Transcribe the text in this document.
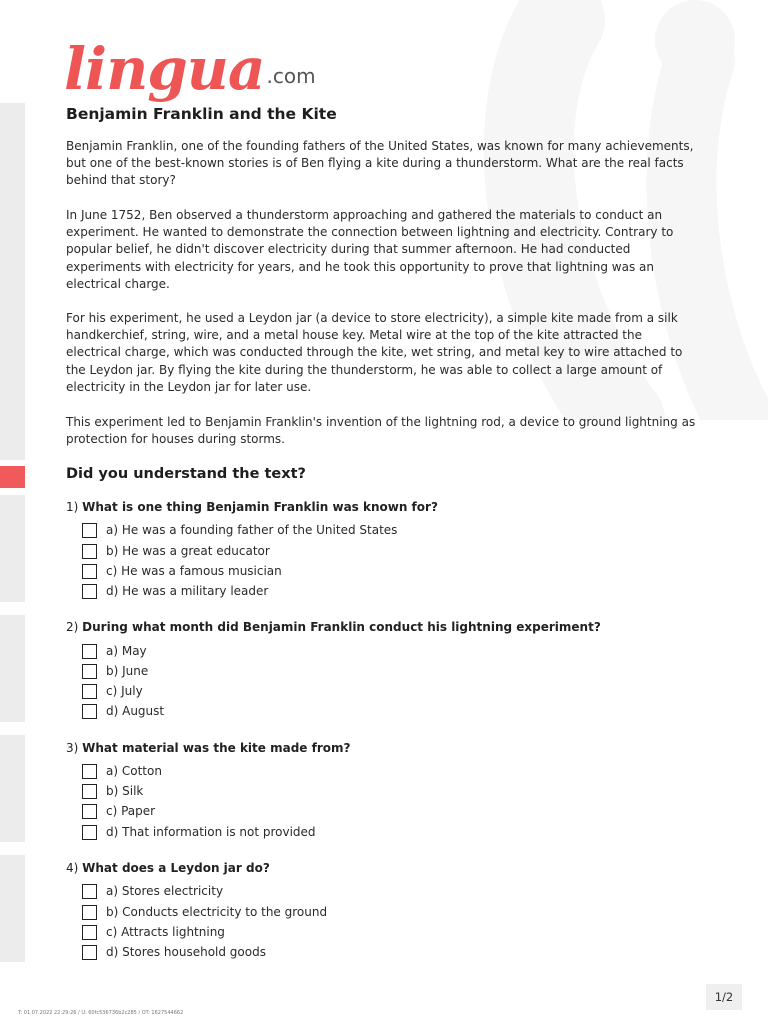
lingua .com
Benjamin Franklin and the Kite

Benjamin Franklin, one of the founding fathers of the United States, was known for many achievements, but one of the best-known stories is of Ben flying a kite during a thunderstorm. What are the real facts behind that story?

In June 1752, Ben observed a thunderstorm approaching and gathered the materials to conduct an experiment. He wanted to demonstrate the connection between lightning and electricity. Contrary to popular belief, he didn't discover electricity during that summer afternoon. He had conducted experiments with electricity for years, and he took this opportunity to prove that lightning was an electrical charge.

For his experiment, he used a Leydon jar (a device to store electricity), a simple kite made from a silk handkerchief, string, wire, and a metal house key. Metal wire at the top of the kite attracted the electrical charge, which was conducted through the kite, wet string, and metal key to wire attached to the Leydon jar. By flying the kite during the thunderstorm, he was able to collect a large amount of electricity in the Leydon jar for later use.

This experiment led to Benjamin Franklin's invention of the lightning rod, a device to ground lightning as protection for houses during storms.

Did you understand the text?
1) What is one thing Benjamin Franklin was known for?
a) He was a founding father of the United States
b) He was a great educator
c) He was a famous musician
d) He was a military leader
2) During what month did Benjamin Franklin conduct his lightning experiment?
a) May
b) June
c) July
d) August
3) What material was the kite made from?
a) Cotton
b) Silk
c) Paper
d) That information is not provided
4) What does a Leydon jar do?
a) Stores electricity
b) Conducts electricity to the ground
c) Attracts lightning
d) Stores household goods
1/2
T: 01.07.2022 22:29:26 / U: 60fc536736b2c285 / OT: 1627544662
